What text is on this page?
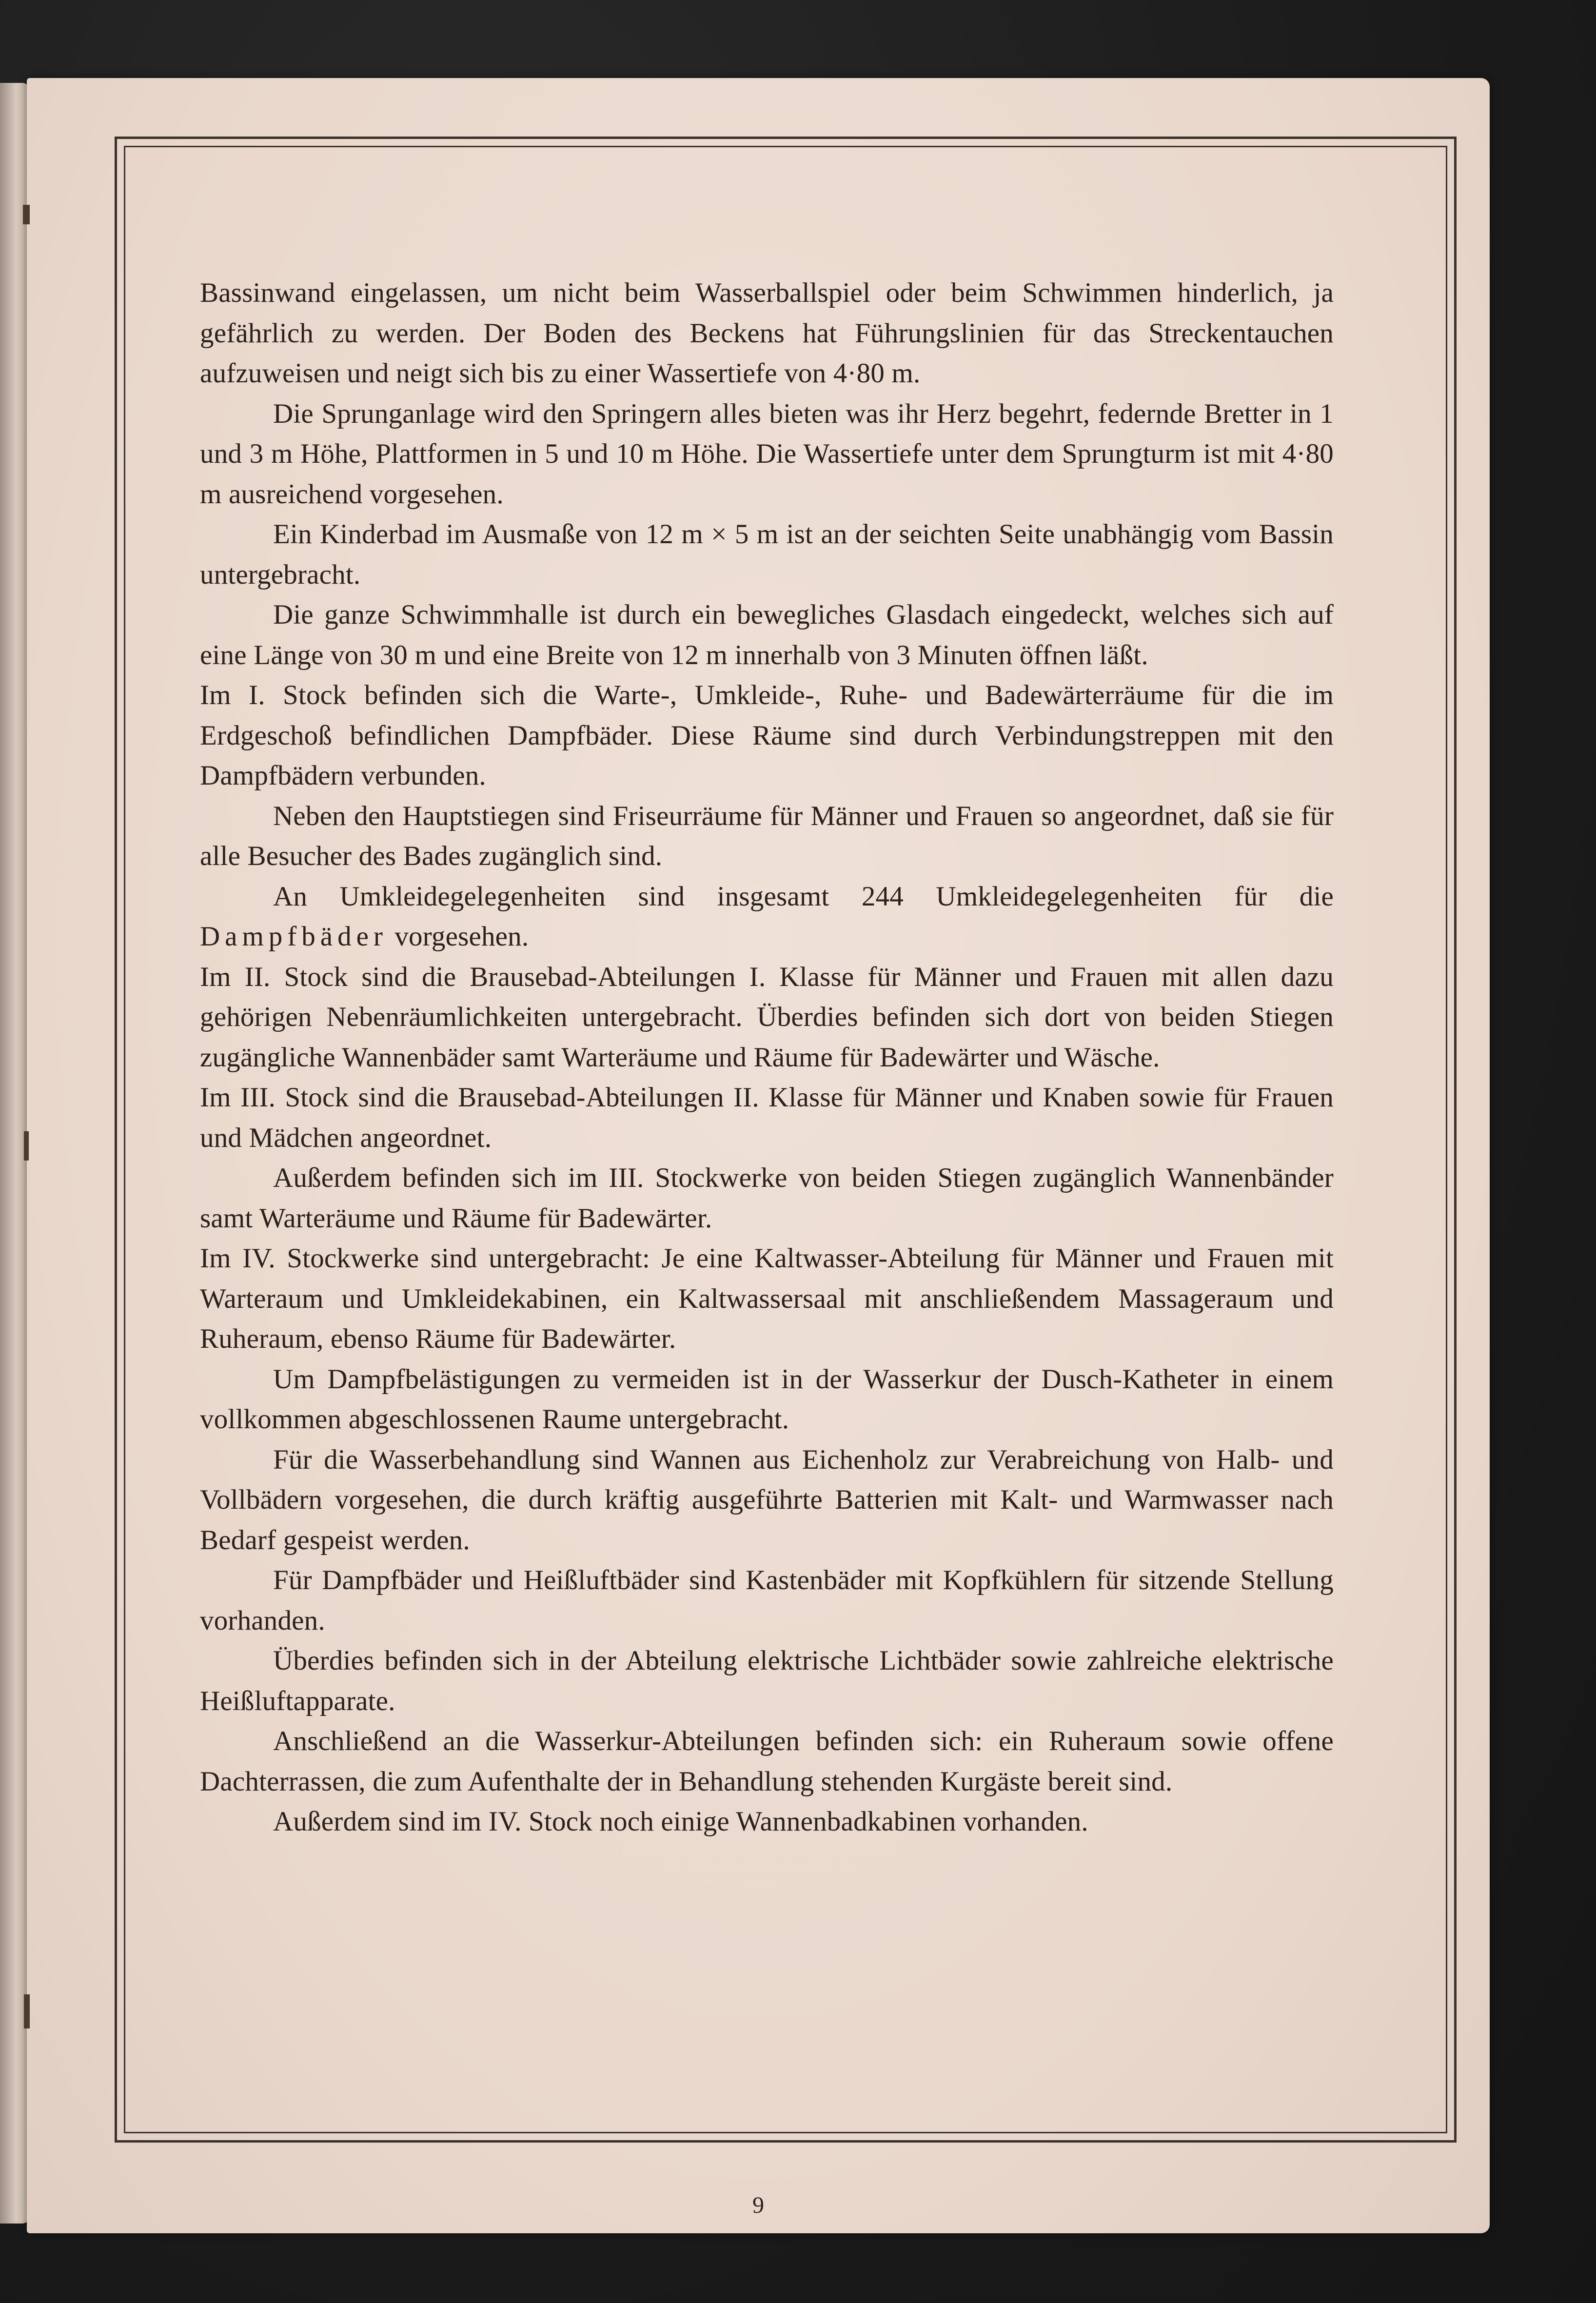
Bassinwand eingelassen, um nicht beim Wasserballspiel oder beim Schwimmen hinderlich, ja gefährlich zu werden. Der Boden des Beckens hat Führungslinien für das Streckentauchen aufzuweisen und neigt sich bis zu einer Wassertiefe von 4·80 m.

Die Sprunganlage wird den Springern alles bieten was ihr Herz begehrt, federnde Bretter in 1 und 3 m Höhe, Plattformen in 5 und 10 m Höhe. Die Wassertiefe unter dem Sprungturm ist mit 4·80 m ausreichend vorgesehen.

Ein Kinderbad im Ausmaße von 12 m × 5 m ist an der seichten Seite unabhängig vom Bassin untergebracht.

Die ganze Schwimmhalle ist durch ein bewegliches Glasdach eingedeckt, welches sich auf eine Länge von 30 m und eine Breite von 12 m innerhalb von 3 Minuten öffnen läßt.

Im I. Stock befinden sich die Warte-, Umkleide-, Ruhe- und Badewärterräume für die im Erdgeschoß befindlichen Dampfbäder. Diese Räume sind durch Verbindungstreppen mit den Dampfbädern verbunden.

Neben den Hauptstiegen sind Friseurräume für Männer und Frauen so angeordnet, daß sie für alle Besucher des Bades zugänglich sind.

An Umkleidegelegenheiten sind insgesamt 244 Umkleidegelegenheiten für die Dampfbäder vorgesehen.

Im II. Stock sind die Brausebad-Abteilungen I. Klasse für Männer und Frauen mit allen dazu gehörigen Nebenräumlichkeiten untergebracht. Überdies befinden sich dort von beiden Stiegen zugängliche Wannenbäder samt Warteräume und Räume für Badewärter und Wäsche.

Im III. Stock sind die Brausebad-Abteilungen II. Klasse für Männer und Knaben sowie für Frauen und Mädchen angeordnet.

Außerdem befinden sich im III. Stockwerke von beiden Stiegen zugänglich Wannenbänder samt Warteräume und Räume für Badewärter.

Im IV. Stockwerke sind untergebracht: Je eine Kaltwasser-Abteilung für Männer und Frauen mit Warteraum und Umkleidekabinen, ein Kaltwassersaal mit anschließendem Massageraum und Ruheraum, ebenso Räume für Badewärter.

Um Dampfbelästigungen zu vermeiden ist in der Wasserkur der Dusch-Katheter in einem vollkommen abgeschlossenen Raume untergebracht.

Für die Wasserbehandlung sind Wannen aus Eichenholz zur Verabreichung von Halb- und Vollbädern vorgesehen, die durch kräftig ausgeführte Batterien mit Kalt- und Warmwasser nach Bedarf gespeist werden.

Für Dampfbäder und Heißluftbäder sind Kastenbäder mit Kopfkühlern für sitzende Stellung vorhanden.

Überdies befinden sich in der Abteilung elektrische Lichtbäder sowie zahlreiche elektrische Heißluftapparate.

Anschließend an die Wasserkur-Abteilungen befinden sich: ein Ruheraum sowie offene Dachterrassen, die zum Aufenthalte der in Behandlung stehenden Kurgäste bereit sind.

Außerdem sind im IV. Stock noch einige Wannenbadkabinen vorhanden.

9
